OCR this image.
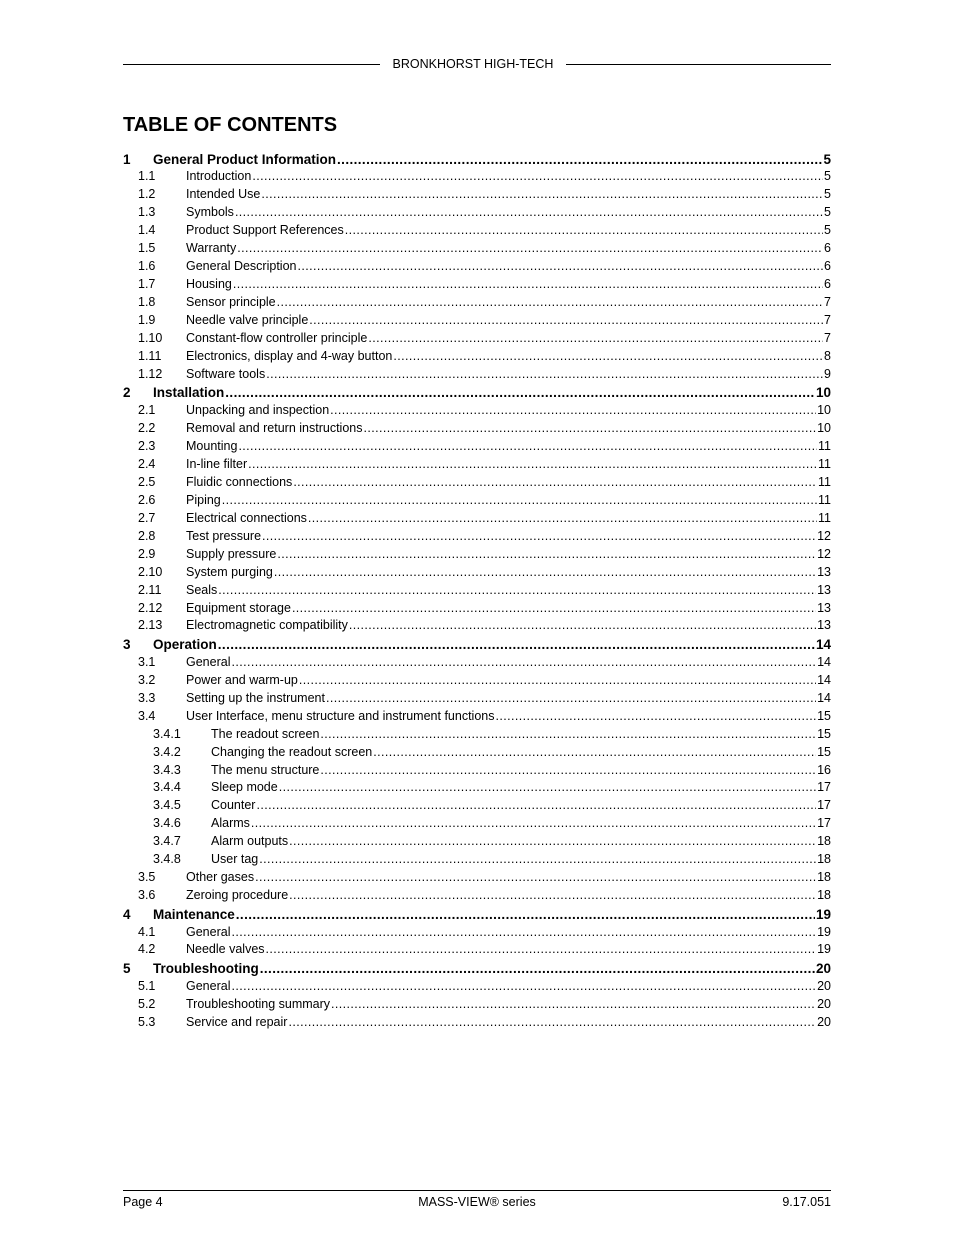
BRONKHORST HIGH-TECH
TABLE OF CONTENTS
1	General Product Information .....	5
1.1	Introduction .....	5
1.2	Intended Use .....	5
1.3	Symbols .....	5
1.4	Product Support References .....	5
1.5	Warranty .....	6
1.6	General Description .....	6
1.7	Housing .....	6
1.8	Sensor principle .....	7
1.9	Needle valve principle .....	7
1.10	Constant-flow controller principle .....	7
1.11	Electronics, display and 4-way button .....	8
1.12	Software tools .....	9
2	Installation .....	10
2.1	Unpacking and inspection .....	10
2.2	Removal and return instructions .....	10
2.3	Mounting .....	11
2.4	In-line filter .....	11
2.5	Fluidic connections .....	11
2.6	Piping .....	11
2.7	Electrical connections .....	11
2.8	Test pressure .....	12
2.9	Supply pressure .....	12
2.10	System purging .....	13
2.11	Seals .....	13
2.12	Equipment storage .....	13
2.13	Electromagnetic compatibility .....	13
3	Operation .....	14
3.1	General .....	14
3.2	Power and warm-up .....	14
3.3	Setting up the instrument .....	14
3.4	User Interface, menu structure and instrument functions .....	15
3.4.1	The readout screen .....	15
3.4.2	Changing the readout screen .....	15
3.4.3	The menu structure .....	16
3.4.4	Sleep mode .....	17
3.4.5	Counter .....	17
3.4.6	Alarms .....	17
3.4.7	Alarm outputs .....	18
3.4.8	User tag .....	18
3.5	Other gases .....	18
3.6	Zeroing procedure .....	18
4	Maintenance .....	19
4.1	General .....	19
4.2	Needle valves .....	19
5	Troubleshooting .....	20
5.1	General .....	20
5.2	Troubleshooting summary .....	20
5.3	Service and repair .....	20
Page 4	MASS-VIEW® series	9.17.051
